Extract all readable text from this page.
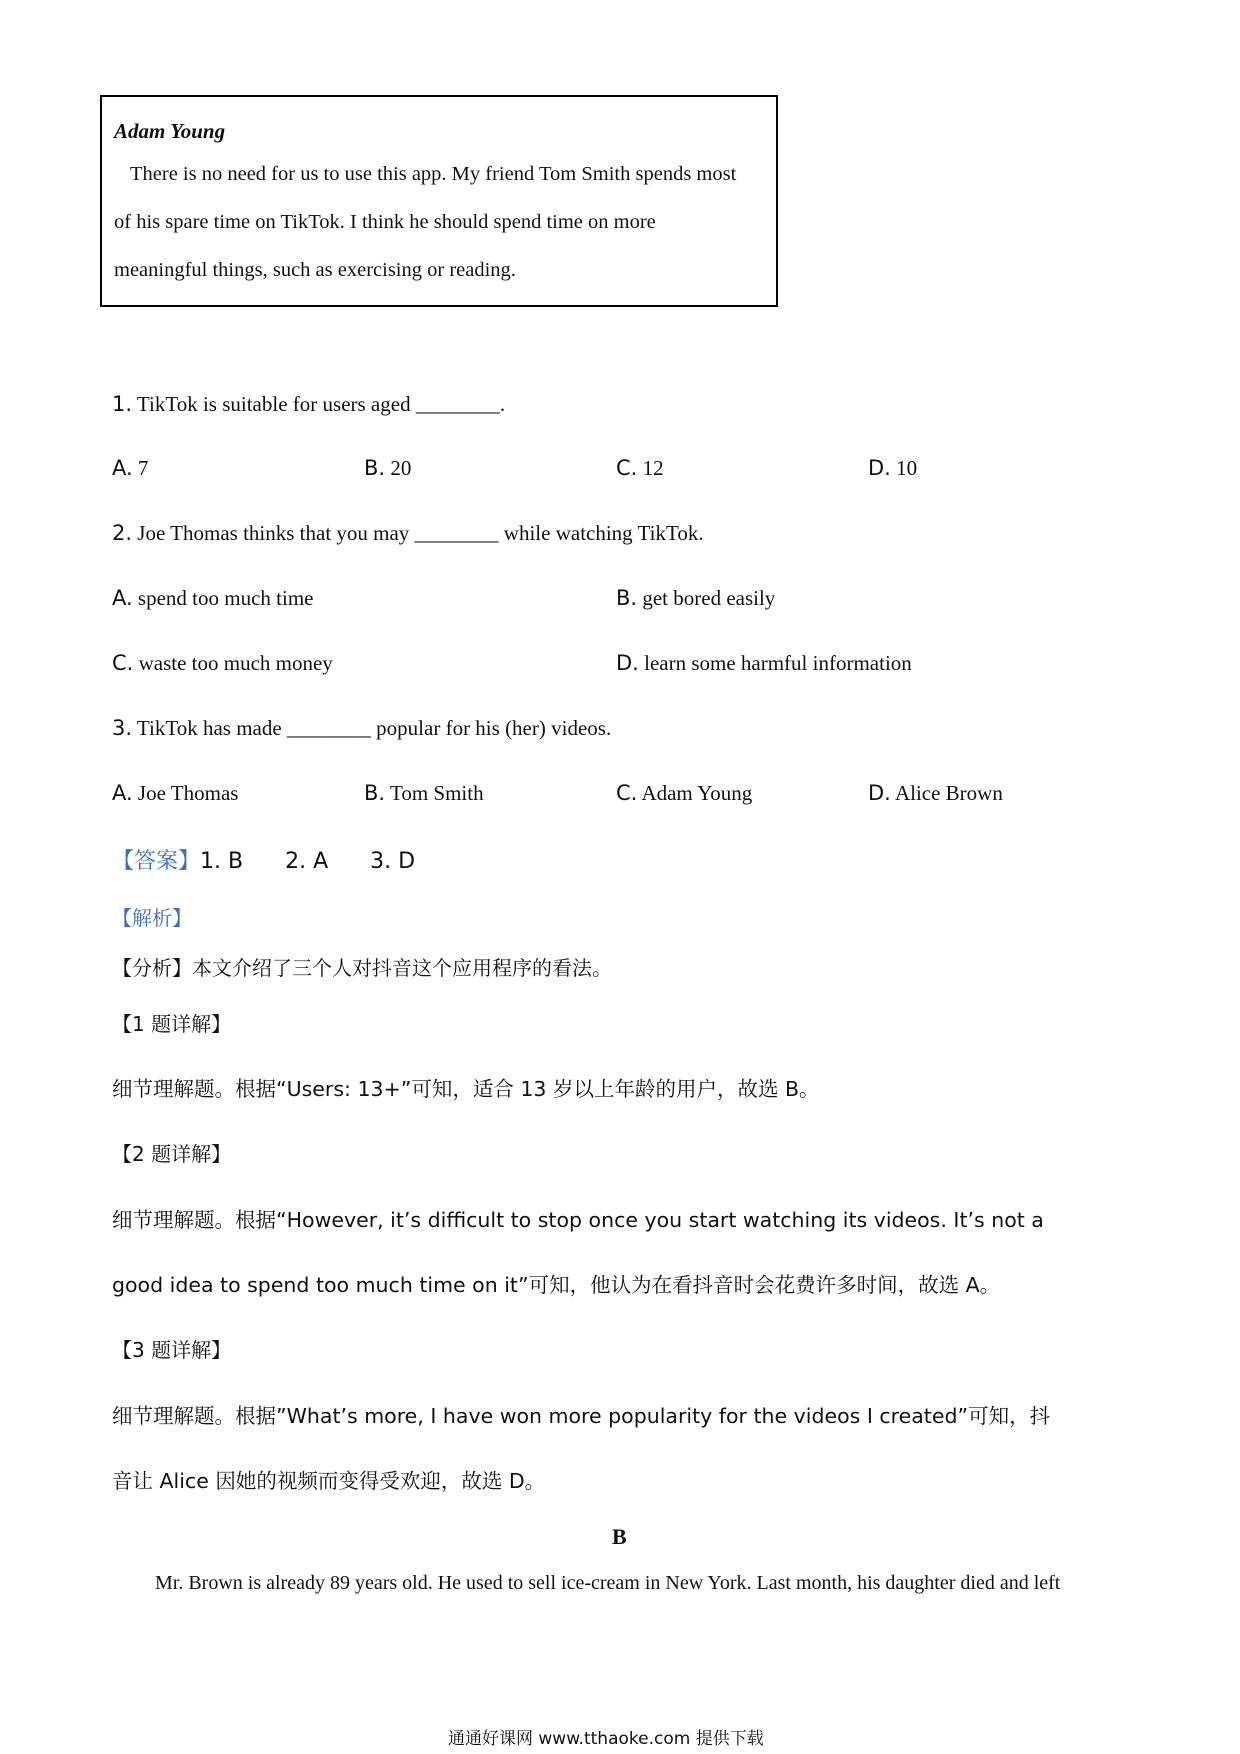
Adam Young
There is no need for us to use this app. My friend Tom Smith spends most
of his spare time on TikTok. I think he should spend time on more
meaningful things, such as exercising or reading.
1. TikTok is suitable for users aged ________.
A. 7	B. 20	C. 12	D. 10
2. Joe Thomas thinks that you may ________ while watching TikTok.
A. spend too much time	B. get bored easily
C. waste too much money	D. learn some harmful information
3. TikTok has made ________ popular for his (her) videos.
A. Joe Thomas	B. Tom Smith	C. Adam Young	D. Alice Brown
【答案】1. B 2. A 3. D
【解析】
【分析】本文介绍了三个人对抖音这个应用程序的看法。
【1 题详解】
细节理解题。根据“Users: 13+”可知，适合 13 岁以上年龄的用户，故选 B。
【2 题详解】
细节理解题。根据“However, it’s difficult to stop once you start watching its videos. It’s not a
good idea to spend too much time on it”可知，他认为在看抖音时会花费许多时间，故选 A。
【3 题详解】
细节理解题。根据”What’s more, I have won more popularity for the videos I created”可知，抖
音让 Alice 因她的视频而变得受欢迎，故选 D。
B
Mr. Brown is already 89 years old. He used to sell ice-cream in New York. Last month, his daughter died and left
通通好课网 www.tthaoke.com 提供下载
